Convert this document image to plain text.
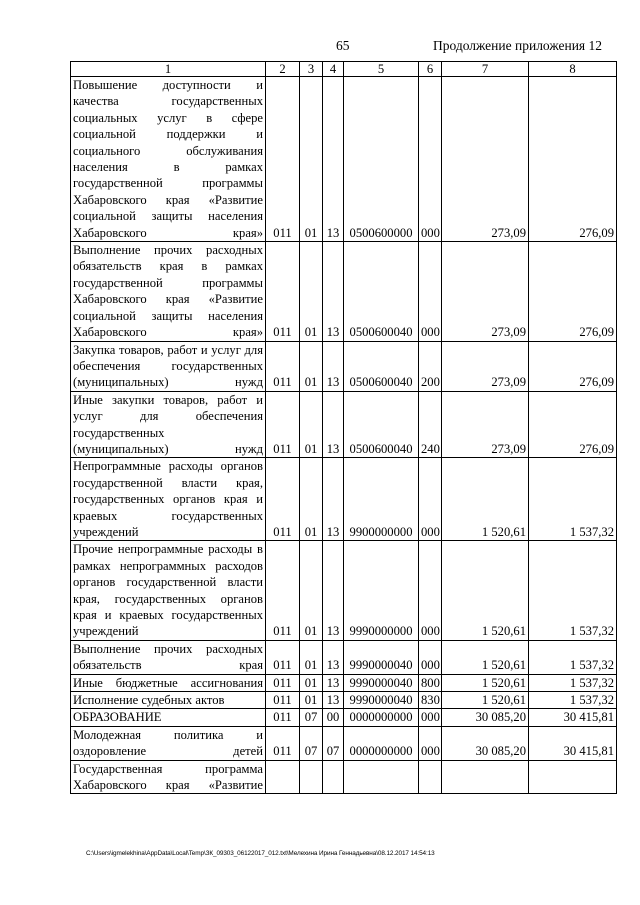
65	Продолжение приложения 12
1	2	3	4	5	6	7	8
Повышение доступности и качества государственных социальных услуг в сфере социальной поддержки и социального обслуживания населения в рамках государственной программы Хабаровского края «Развитие социальной защиты населения Хабаровского края»	011	01	13	0500600000	000	273,09	276,09
Выполнение прочих расходных обязательств края в рамках государственной программы Хабаровского края «Развитие социальной защиты населения Хабаровского края»	011	01	13	0500600040	000	273,09	276,09
Закупка товаров, работ и услуг для обеспечения государственных (муниципальных) нужд	011	01	13	0500600040	200	273,09	276,09
Иные закупки товаров, работ и услуг для обеспечения государственных (муниципальных) нужд	011	01	13	0500600040	240	273,09	276,09
Непрограммные расходы органов государственной власти края, государственных органов края и краевых государственных учреждений	011	01	13	9900000000	000	1 520,61	1 537,32
Прочие непрограммные расходы в рамках непрограммных расходов органов государственной власти края, государственных органов края и краевых государственных учреждений	011	01	13	9990000000	000	1 520,61	1 537,32
Выполнение прочих расходных обязательств края	011	01	13	9990000040	000	1 520,61	1 537,32
Иные бюджетные ассигнования	011	01	13	9990000040	800	1 520,61	1 537,32
Исполнение судебных актов	011	01	13	9990000040	830	1 520,61	1 537,32
ОБРАЗОВАНИЕ	011	07	00	0000000000	000	30 085,20	30 415,81
Молодежная политика и оздоровление детей	011	07	07	0000000000	000	30 085,20	30 415,81
Государственная программа Хабаровского края «Развитие							
C:\Users\igmelekhina\AppData\Local\Temp\ЗК_09303_06122017_012.txt\Мелехина Ирина Геннадьевна\08.12.2017 14:54:13
